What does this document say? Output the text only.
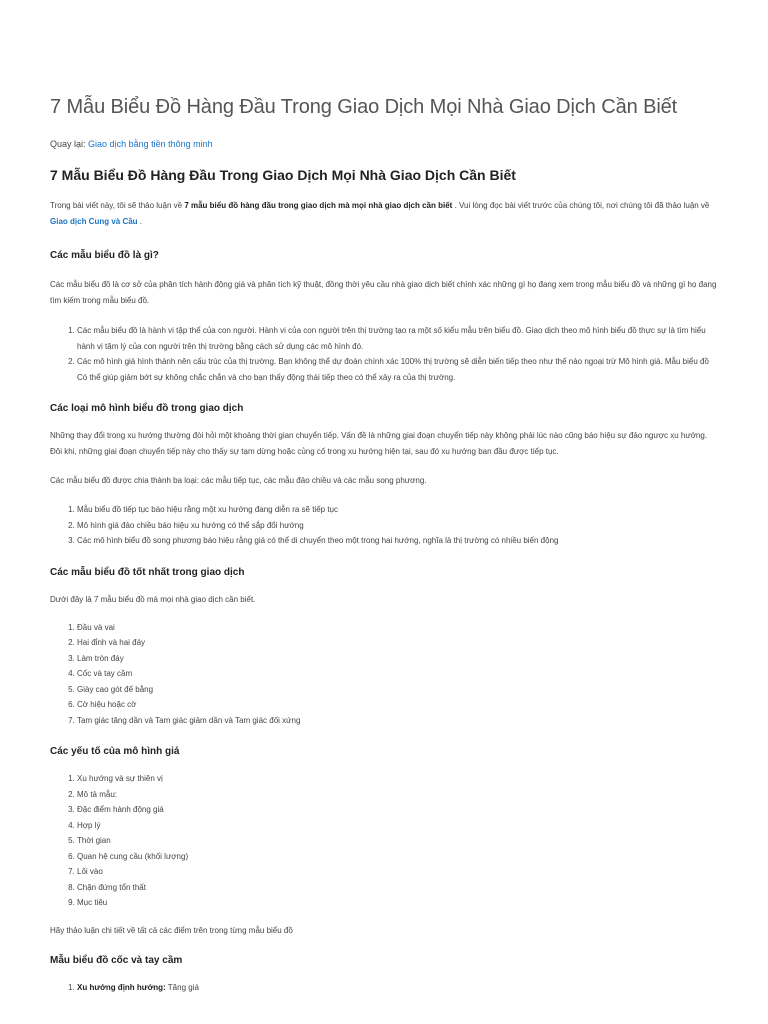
7 Mẫu Biểu Đồ Hàng Đầu Trong Giao Dịch Mọi Nhà Giao Dịch Cần Biết
Quay lại: Giao dịch bằng tiền thông minh
7 Mẫu Biểu Đồ Hàng Đầu Trong Giao Dịch Mọi Nhà Giao Dịch Cần Biết

Trong bài viết này, tôi sẽ thảo luận về 7 mẫu biểu đồ hàng đầu trong giao dịch mà mọi nhà giao dịch cần biết . Vui lòng đọc bài viết trước của chúng tôi, nơi chúng tôi đã thảo luận về Giao dịch Cung và Cầu .

Các mẫu biểu đồ là gì?

Các mẫu biểu đồ là cơ sở của phân tích hành động giá và phân tích kỹ thuật, đồng thời yêu cầu nhà giao dịch biết chính xác những gì họ đang xem trong mẫu biểu đồ và những gì họ đang tìm kiếm trong mẫu biểu đồ.

1. Các mẫu biểu đồ là hành vi tập thể của con người. Hành vi của con người trên thị trường tạo ra một số kiểu mẫu trên biểu đồ. Giao dịch theo mô hình biểu đồ thực sự là tìm hiểu hành vi tâm lý của con người trên thị trường bằng cách sử dụng các mô hình đó.
2. Các mô hình giá hình thành nên cấu trúc của thị trường. Bạn không thể dự đoán chính xác 100% thị trường sẽ diễn biến tiếp theo như thế nào ngoại trừ Mô hình giá. Mẫu biểu đồ Có thể giúp giảm bớt sự không chắc chắn và cho bạn thấy động thái tiếp theo có thể xảy ra của thị trường.
Các loại mô hình biểu đồ trong giao dịch

Những thay đổi trong xu hướng thường đòi hỏi một khoảng thời gian chuyển tiếp. Vấn đề là những giai đoạn chuyển tiếp này không phải lúc nào cũng báo hiệu sự đảo ngược xu hướng. Đôi khi, những giai đoạn chuyển tiếp này cho thấy sự tạm dừng hoặc củng cố trong xu hướng hiện tại, sau đó xu hướng ban đầu được tiếp tục.

Các mẫu biểu đồ được chia thành ba loại: các mẫu tiếp tục, các mẫu đảo chiều và các mẫu song phương.

1. Mẫu biểu đồ tiếp tục báo hiệu rằng một xu hướng đang diễn ra sẽ tiếp tục
2. Mô hình giá đảo chiều báo hiệu xu hướng có thể sắp đổi hướng
3. Các mô hình biểu đồ song phương báo hiệu rằng giá có thể di chuyển theo một trong hai hướng, nghĩa là thị trường có nhiều biến động
Các mẫu biểu đồ tốt nhất trong giao dịch

Dưới đây là 7 mẫu biểu đồ mà mọi nhà giao dịch cần biết.

1. Đầu và vai
2. Hai đỉnh và hai đáy
3. Làm tròn đáy
4. Cốc và tay cầm
5. Giày cao gót đế bằng
6. Cờ hiệu hoặc cờ
7. Tam giác tăng dần và Tam giác giảm dần và Tam giác đối xứng
Các yếu tố của mô hình giá
1. Xu hướng và sự thiên vị
2. Mô tả mẫu:
3. Đặc điểm hành động giá
4. Hợp lý
5. Thời gian
6. Quan hệ cung cầu (khối lượng)
7. Lối vào
8. Chặn đứng tổn thất
9. Mục tiêu

Hãy thảo luận chi tiết về tất cả các điểm trên trong từng mẫu biểu đồ

Mẫu biểu đồ cốc và tay cầm
1. Xu hướng định hướng: Tăng giá
